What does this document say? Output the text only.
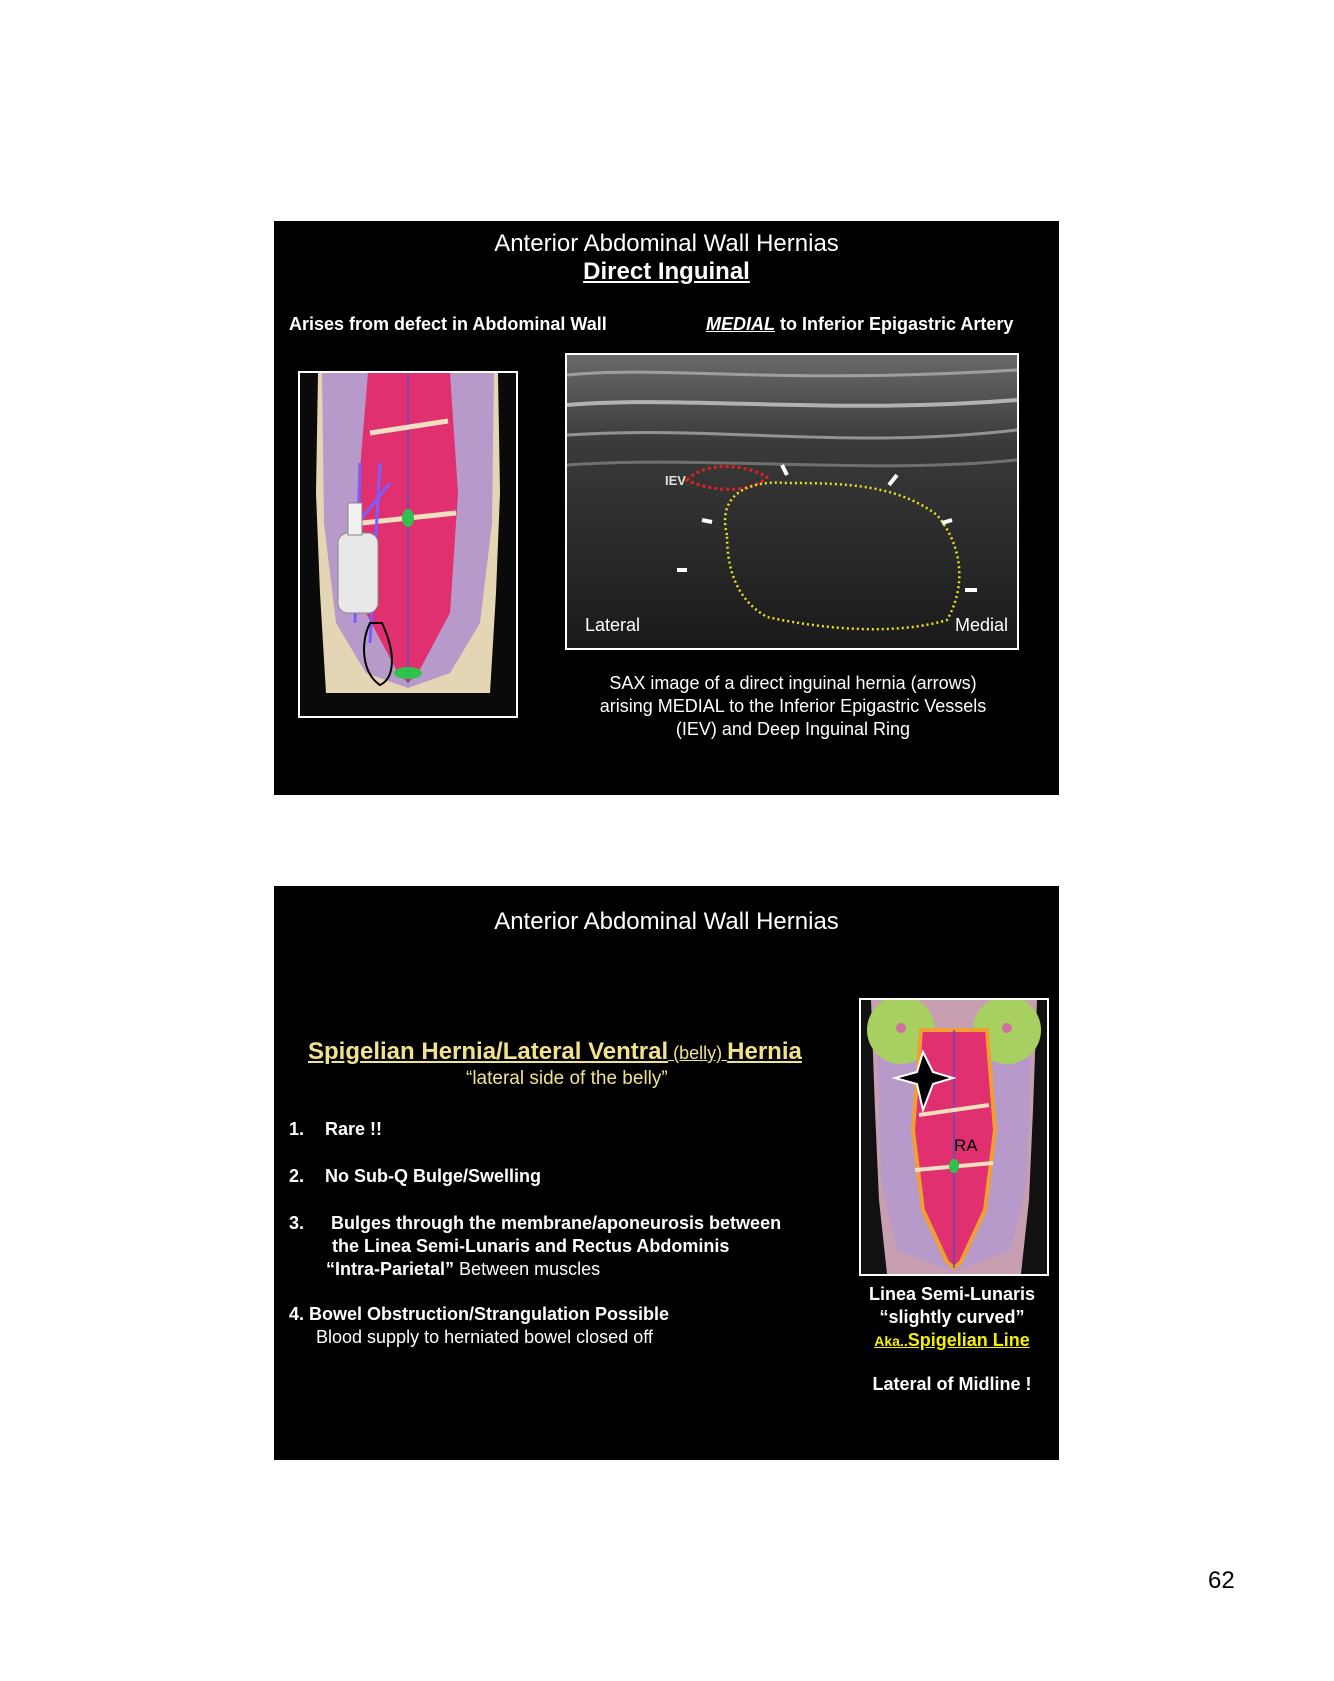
Anterior Abdominal Wall Hernias
Direct Inguinal
Arises from defect in Abdominal Wall	MEDIAL to Inferior Epigastric Artery
IEV
Lateral	Medial
SAX image of a direct inguinal hernia (arrows)
arising MEDIAL to the Inferior Epigastric Vessels
(IEV) and Deep Inguinal Ring
Anterior Abdominal Wall Hernias
Spigelian Hernia/Lateral Ventral (belly) Hernia
“lateral side of the belly”
1. Rare !!
2. No Sub-Q Bulge/Swelling
3. Bulges through the membrane/aponeurosis between
the Linea Semi-Lunaris and Rectus Abdominis
“Intra-Parietal” Between muscles
4. Bowel Obstruction/Strangulation Possible
Blood supply to herniated bowel closed off
RA
Linea Semi-Lunaris
“slightly curved”
Aka..Spigelian Line
Lateral of Midline !
62
